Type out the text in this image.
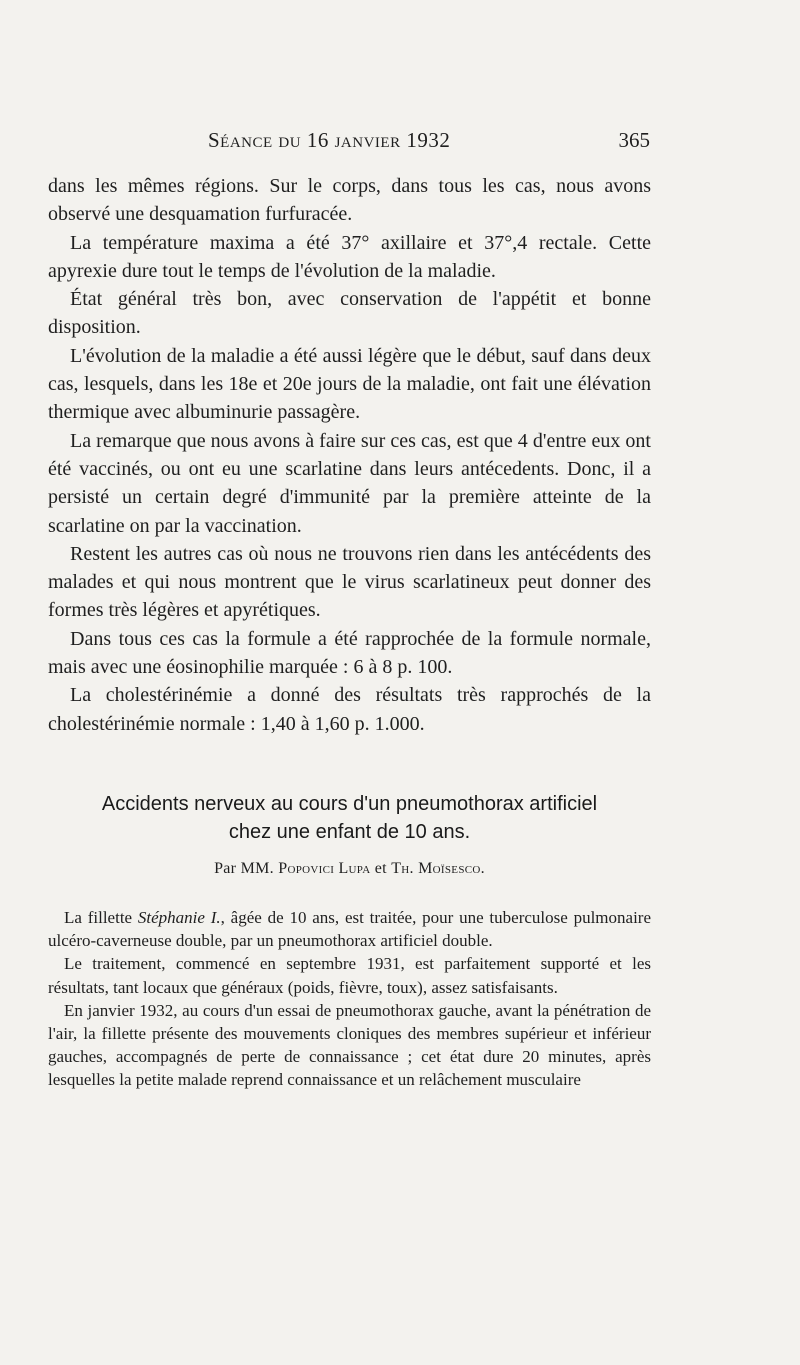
Séance du 16 janvier 1932	365

dans les mêmes régions. Sur le corps, dans tous les cas, nous avons observé une desquamation furfuracée.

La température maxima a été 37° axillaire et 37°,4 rectale. Cette apyrexie dure tout le temps de l'évolution de la maladie.

État général très bon, avec conservation de l'appétit et bonne disposition.

L'évolution de la maladie a été aussi légère que le début, sauf dans deux cas, lesquels, dans les 18e et 20e jours de la maladie, ont fait une élévation thermique avec albuminurie passagère.

La remarque que nous avons à faire sur ces cas, est que 4 d'entre eux ont été vaccinés, ou ont eu une scarlatine dans leurs antécedents. Donc, il a persisté un certain degré d'immunité par la première atteinte de la scarlatine on par la vaccination.

Restent les autres cas où nous ne trouvons rien dans les antécédents des malades et qui nous montrent que le virus scarlatineux peut donner des formes très légères et apyrétiques.

Dans tous ces cas la formule a été rapprochée de la formule normale, mais avec une éosinophilie marquée : 6 à 8 p. 100.

La cholestérinémie a donné des résultats très rapprochés de la cholestérinémie normale : 1,40 à 1,60 p. 1.000.

Accidents nerveux au cours d'un pneumothorax artificiel
chez une enfant de 10 ans.
Par MM. Popovici Lupa et Th. Moïsesco.

La fillette Stéphanie I., âgée de 10 ans, est traitée, pour une tuberculose pulmonaire ulcéro-caverneuse double, par un pneumothorax artificiel double.

Le traitement, commencé en septembre 1931, est parfaitement supporté et les résultats, tant locaux que généraux (poids, fièvre, toux), assez satisfaisants.

En janvier 1932, au cours d'un essai de pneumothorax gauche, avant la pénétration de l'air, la fillette présente des mouvements cloniques des membres supérieur et inférieur gauches, accompagnés de perte de connaissance ; cet état dure 20 minutes, après lesquelles la petite malade reprend connaissance et un relâchement musculaire
